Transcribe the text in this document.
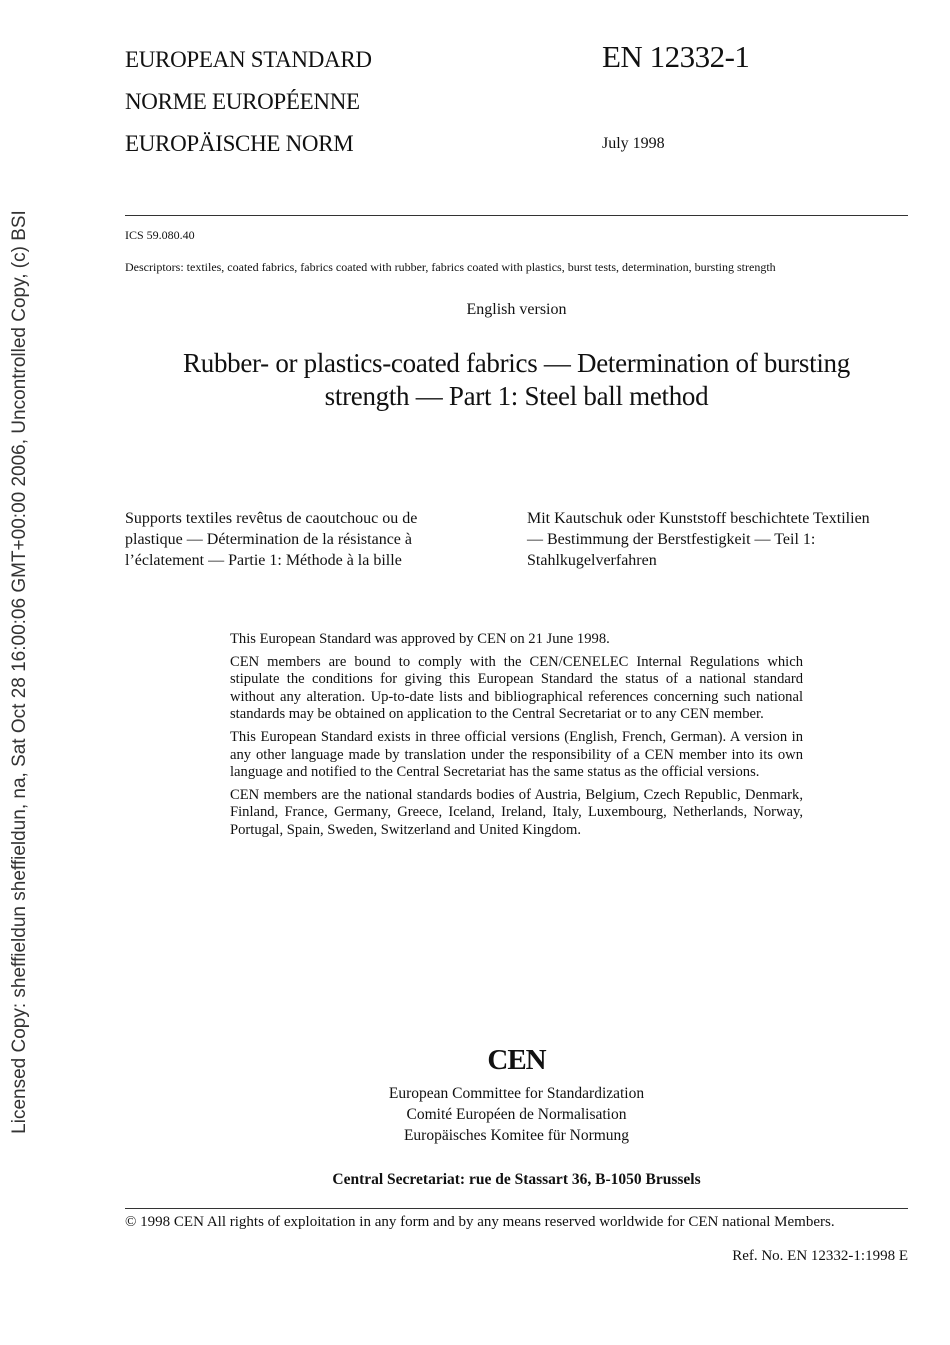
Licensed Copy: sheffieldun sheffieldun, na, Sat Oct 28 16:00:06 GMT+00:00 2006, Uncontrolled Copy, (c) BSI
EUROPEAN STANDARD
NORME EUROPÉENNE
EUROPÄISCHE NORM
EN 12332-1
July 1998
ICS 59.080.40
Descriptors: textiles, coated fabrics, fabrics coated with rubber, fabrics coated with plastics, burst tests, determination, bursting strength
English version
Rubber- or plastics-coated fabrics — Determination of bursting
strength — Part 1: Steel ball method
Supports textiles revêtus de caoutchouc ou de plastique — Détermination de la résistance à l’éclatement — Partie 1: Méthode à la bille
Mit Kautschuk oder Kunststoff beschichtete Textilien — Bestimmung der Berstfestigkeit — Teil 1: Stahlkugelverfahren

This European Standard was approved by CEN on 21 June 1998.

CEN members are bound to comply with the CEN/CENELEC Internal Regulations which stipulate the conditions for giving this European Standard the status of a national standard without any alteration. Up-to-date lists and bibliographical references concerning such national standards may be obtained on application to the Central Secretariat or to any CEN member.

This European Standard exists in three official versions (English, French, German). A version in any other language made by translation under the responsibility of a CEN member into its own language and notified to the Central Secretariat has the same status as the official versions.

CEN members are the national standards bodies of Austria, Belgium, Czech Republic, Denmark, Finland, France, Germany, Greece, Iceland, Ireland, Italy, Luxembourg, Netherlands, Norway, Portugal, Spain, Sweden, Switzerland and United Kingdom.

CEN
European Committee for Standardization
Comité Européen de Normalisation
Europäisches Komitee für Normung
Central Secretariat: rue de Stassart 36, B-1050 Brussels
© 1998 CEN All rights of exploitation in any form and by any means reserved worldwide for CEN national Members.
Ref. No. EN 12332-1:1998 E
